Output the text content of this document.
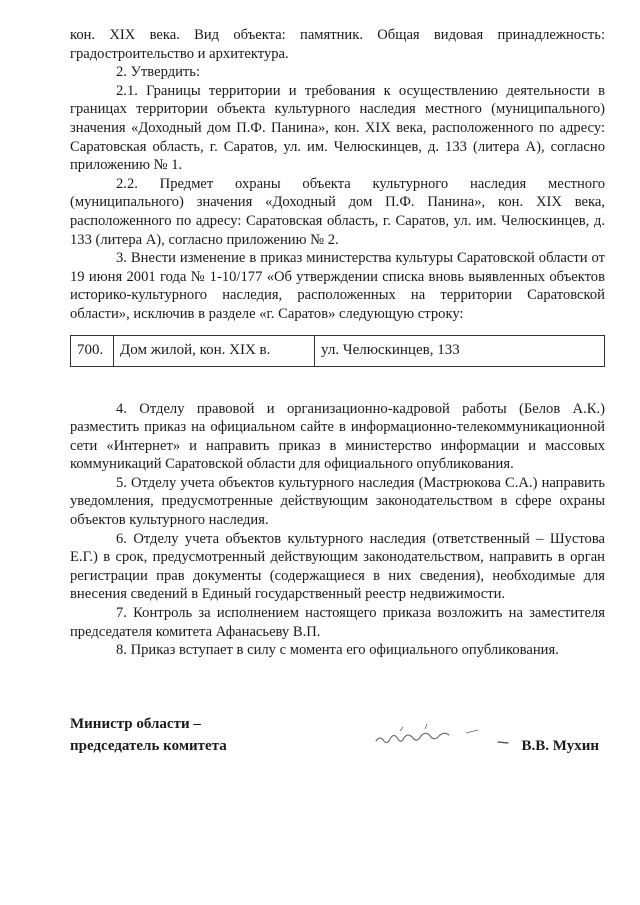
кон. XIX века. Вид объекта: памятник. Общая видовая принадлежность: градостроительство и архитектура.

2. Утвердить:

2.1. Границы территории и требования к осуществлению деятельности в границах территории объекта культурного наследия местного (муниципального) значения «Доходный дом П.Ф. Панина», кон. XIX века, расположенного по адресу: Саратовская область, г. Саратов, ул. им. Челюскинцев, д. 133 (литера А), согласно приложению № 1.

2.2. Предмет охраны объекта культурного наследия местного (муниципального) значения «Доходный дом П.Ф. Панина», кон. XIX века, расположенного по адресу: Саратовская область, г. Саратов, ул. им. Челюскинцев, д. 133 (литера А), согласно приложению № 2.

3. Внести изменение в приказ министерства культуры Саратовской области от 19 июня 2001 года № 1-10/177 «Об утверждении списка вновь выявленных объектов историко-культурного наследия, расположенных на территории Саратовской области», исключив в разделе «г. Саратов» следующую строку:

700.	Дом жилой, кон. XIX в.	ул. Челюскинцев, 133

4. Отделу правовой и организационно-кадровой работы (Белов А.К.) разместить приказ на официальном сайте в информационно-телекоммуникационной сети «Интернет» и направить приказ в министерство информации и массовых коммуникаций Саратовской области для официального опубликования.

5. Отделу учета объектов культурного наследия (Мастрюкова С.А.) направить уведомления, предусмотренные действующим законодательством в сфере охраны объектов культурного наследия.

6. Отделу учета объектов культурного наследия (ответственный – Шустова Е.Г.) в срок, предусмотренный действующим законодательством, направить в орган регистрации прав документы (содержащиеся в них сведения), необходимые для внесения сведений в Единый государственный реестр недвижимости.

7. Контроль за исполнением настоящего приказа возложить на заместителя председателя комитета Афанасьеву В.П.

8. Приказ вступает в силу с момента его официального опубликования.

Министр области –
председатель комитета	В.В. Мухин
